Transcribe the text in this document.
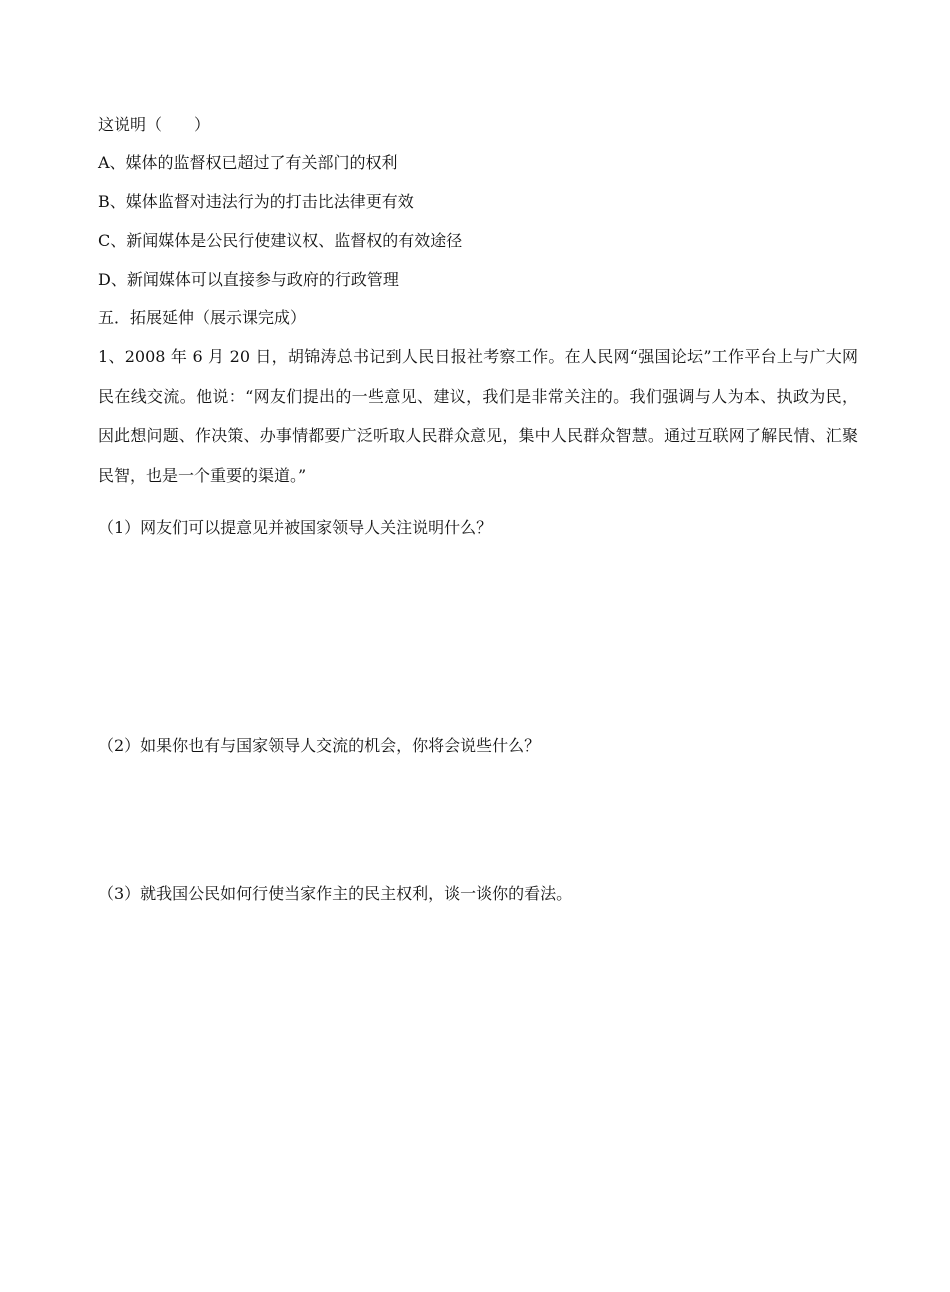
这说明（　　）
A、媒体的监督权已超过了有关部门的权利
B、媒体监督对违法行为的打击比法律更有效
C、新闻媒体是公民行使建议权、监督权的有效途径
D、新闻媒体可以直接参与政府的行政管理
五．拓展延伸（展示课完成）
1、2008 年 6 月 20 日，胡锦涛总书记到人民日报社考察工作。在人民网“强国论坛”工作平台上与广大网民在线交流。他说：“网友们提出的一些意见、建议，我们是非常关注的。我们强调与人为本、执政为民，因此想问题、作决策、办事情都要广泛听取人民群众意见，集中人民群众智慧。通过互联网了解民情、汇聚民智，也是一个重要的渠道。”
（1）网友们可以提意见并被国家领导人关注说明什么？
（2）如果你也有与国家领导人交流的机会，你将会说些什么？
（3）就我国公民如何行使当家作主的民主权利，谈一谈你的看法。
